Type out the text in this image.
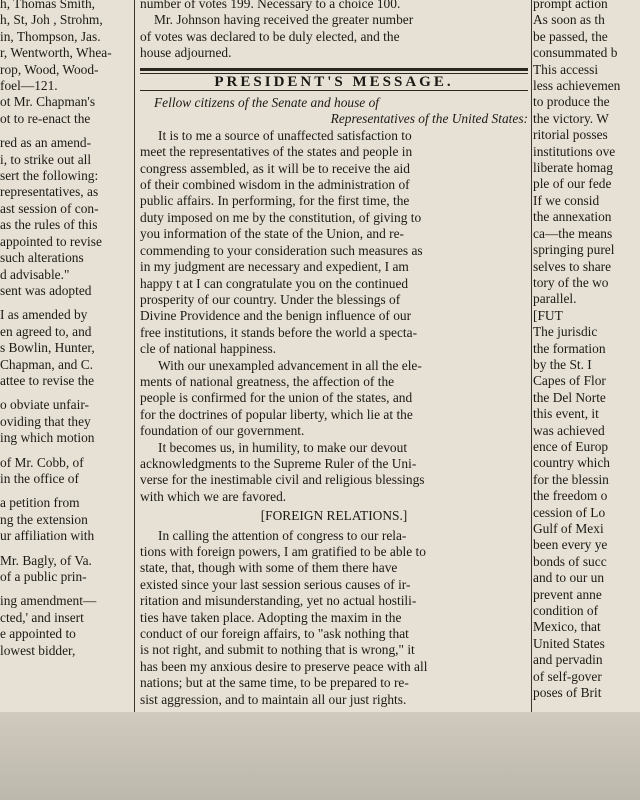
h, Thomas Smith,

h, St, Joh , Strohm,

in, Thompson, Jas.

r, Wentworth, Whea-

rop, Wood, Wood-

foel—121.

ot Mr. Chapman's

ot to re-enact the

red as an amend-

i, to strike out all

sert the following:

representatives, as

ast session of con-

as the rules of this

appointed to revise

such alterations

d advisable."

sent was adopted

I as amended by

en agreed to, and

s Bowlin, Hunter,

Chapman, and C.

attee to revise the

o obviate unfair-

oviding that they

ing which motion

of Mr. Cobb, of

in the office of

a petition from

ng the extension

ur affiliation with

Mr. Bagly, of Va.

of a public prin-

ing amendment—

cted,' and insert

e appointed to

lowest bidder,

number of votes 199. Necessary to a choice 100.

Mr. Johnson having received the greater number

of votes was declared to be duly elected, and the

house adjourned.

PRESIDENT'S MESSAGE.

Fellow citizens of the Senate and house of

Representatives of the United States:

It is to me a source of unaffected satisfaction to

meet the representatives of the states and people in

congress assembled, as it will be to receive the aid

of their combined wisdom in the administration of

public affairs. In performing, for the first time, the

duty imposed on me by the constitution, of giving to

you information of the state of the Union, and re-

commending to your consideration such measures as

in my judgment are necessary and expedient, I am

happy t at I can congratulate you on the continued

prosperity of our country. Under the blessings of

Divine Providence and the benign influence of our

free institutions, it stands before the world a specta-

cle of national happiness.

With our unexampled advancement in all the ele-

ments of national greatness, the affection of the

people is confirmed for the union of the states, and

for the doctrines of popular liberty, which lie at the

foundation of our government.

It becomes us, in humility, to make our devout

acknowledgments to the Supreme Ruler of the Uni-

verse for the inestimable civil and religious blessings

with which we are favored.

[FOREIGN RELATIONS.]

In calling the attention of congress to our rela-

tions with foreign powers, I am gratified to be able to

state, that, though with some of them there have

existed since your last session serious causes of ir-

ritation and misunderstanding, yet no actual hostili-

ties have taken place. Adopting the maxim in the

conduct of our foreign affairs, to "ask nothing that

is not right, and submit to nothing that is wrong," it

has been my anxious desire to preserve peace with all

nations; but at the same time, to be prepared to re-

sist aggression, and to maintain all our just rights.

prompt action

As soon as th

be passed, the

consummated b

This accessi

less achievemen

to produce the

the victory. W

ritorial posses

institutions ove

liberate homag

ple of our fede

If we consid

the annexation

ca—the means

springing purel

selves to share

tory of the wo

parallel.

[FUT

The jurisdic

the formation

by the St. I

Capes of Flor

the Del Norte

this event, it

was achieved

ence of Europ

country which

for the blessin

the freedom o

cession of Lo

Gulf of Mexi

been every ye

bonds of succ

and to our un

prevent anne

condition of

Mexico, that

United States

and pervadin

of self-gover

poses of Brit
